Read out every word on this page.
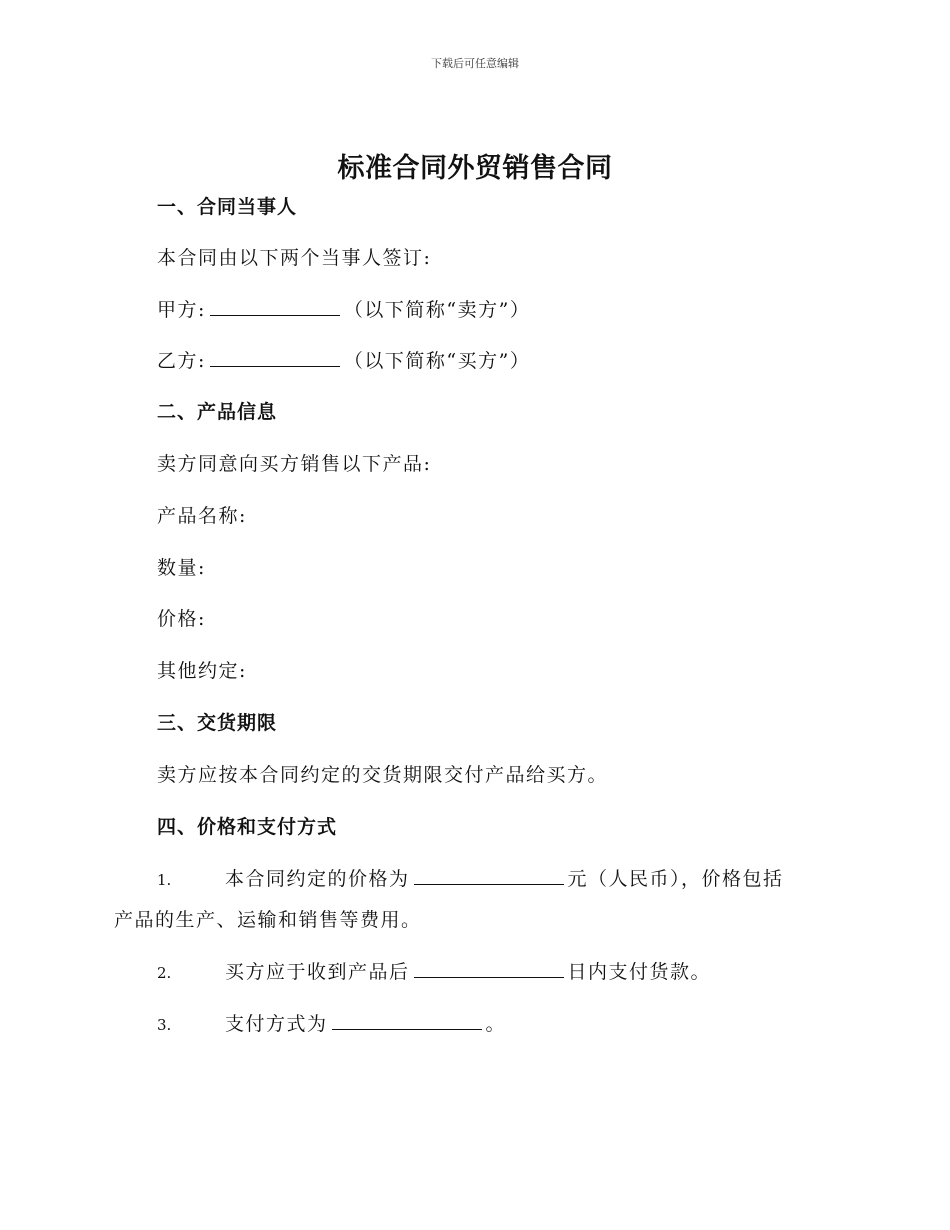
下载后可任意编辑
标准合同外贸销售合同
一、合同当事人
本合同由以下两个当事人签订:
甲方:	（以下简称“卖方”）
乙方:	（以下简称“买方”）
二、产品信息
卖方同意向买方销售以下产品:
产品名称:
数量:
价格:
其他约定:
三、交货期限
卖方应按本合同约定的交货期限交付产品给买方。
四、价格和支付方式
1.	本合同约定的价格为	元（人民币），价格包括
产品的生产、运输和销售等费用。
2.	买方应于收到产品后	日内支付货款。
3.	支付方式为	。
